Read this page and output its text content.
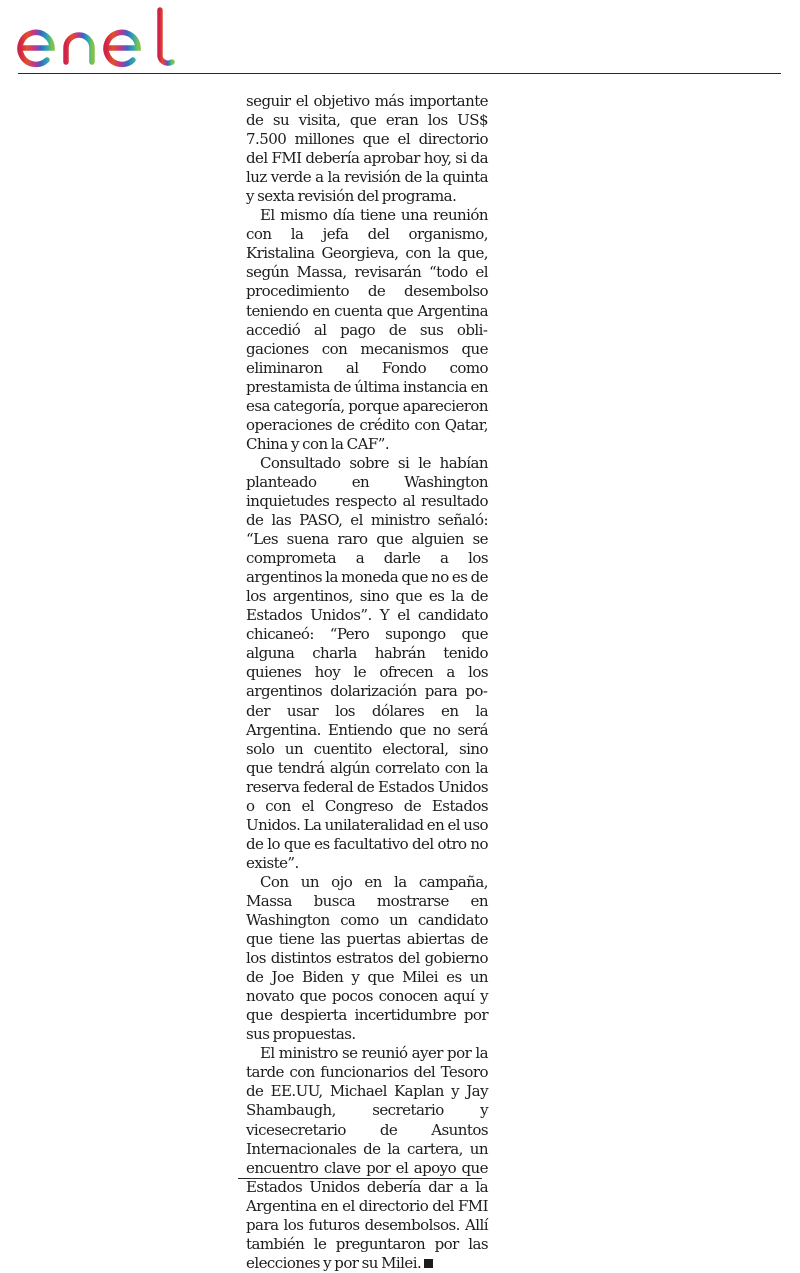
seguir el objetivo más importante de su visita, que eran los US$ 7.500 millones que el directorio del FMI debería aprobar hoy, si da luz verde a la revisión de la quinta y sexta revisión del programa.

El mismo día tiene una reunión con la jefa del organismo, Kristalina Georgieva, con la que, según Massa, revisarán “todo el procedimiento de desembolso teniendo en cuenta que Argentina accedió al pago de sus obligaciones con mecanismos que eliminaron al Fondo como prestamista de última instancia en esa categoría, porque aparecieron operaciones de crédito con Qatar, China y con la CAF”.

Consultado sobre si le habían planteado en Washington inquietudes respecto al resultado de las PASO, el ministro señaló: “Les suena raro que alguien se comprometa a darle a los argentinos la moneda que no es de los argentinos, sino que es la de Estados Unidos”. Y el candidato chicaneó: “Pero supongo que alguna charla habrán tenido quienes hoy le ofrecen a los argentinos dolarización para poder usar los dólares en la Argentina. Entiendo que no será solo un cuentito electoral, sino que tendrá algún correlato con la reserva federal de Estados Unidos o con el Congreso de Estados Unidos. La unilateralidad en el uso de lo que es facultativo del otro no existe”.

Con un ojo en la campaña, Massa busca mostrarse en Washington como un candidato que tiene las puertas abiertas de los distintos estratos del gobierno de Joe Biden y que Milei es un novato que pocos conocen aquí y que despierta incertidumbre por sus propuestas.

El ministro se reunió ayer por la tarde con funcionarios del Tesoro de EE.UU, Michael Kaplan y Jay Shambaugh, secretario y vicesecretario de Asuntos Internacionales de la cartera, un encuentro clave por el apoyo que Estados Unidos debería dar a la Argentina en el directorio del FMI para los futuros desembolsos. Allí también le preguntaron por las elecciones y por su Milei.
